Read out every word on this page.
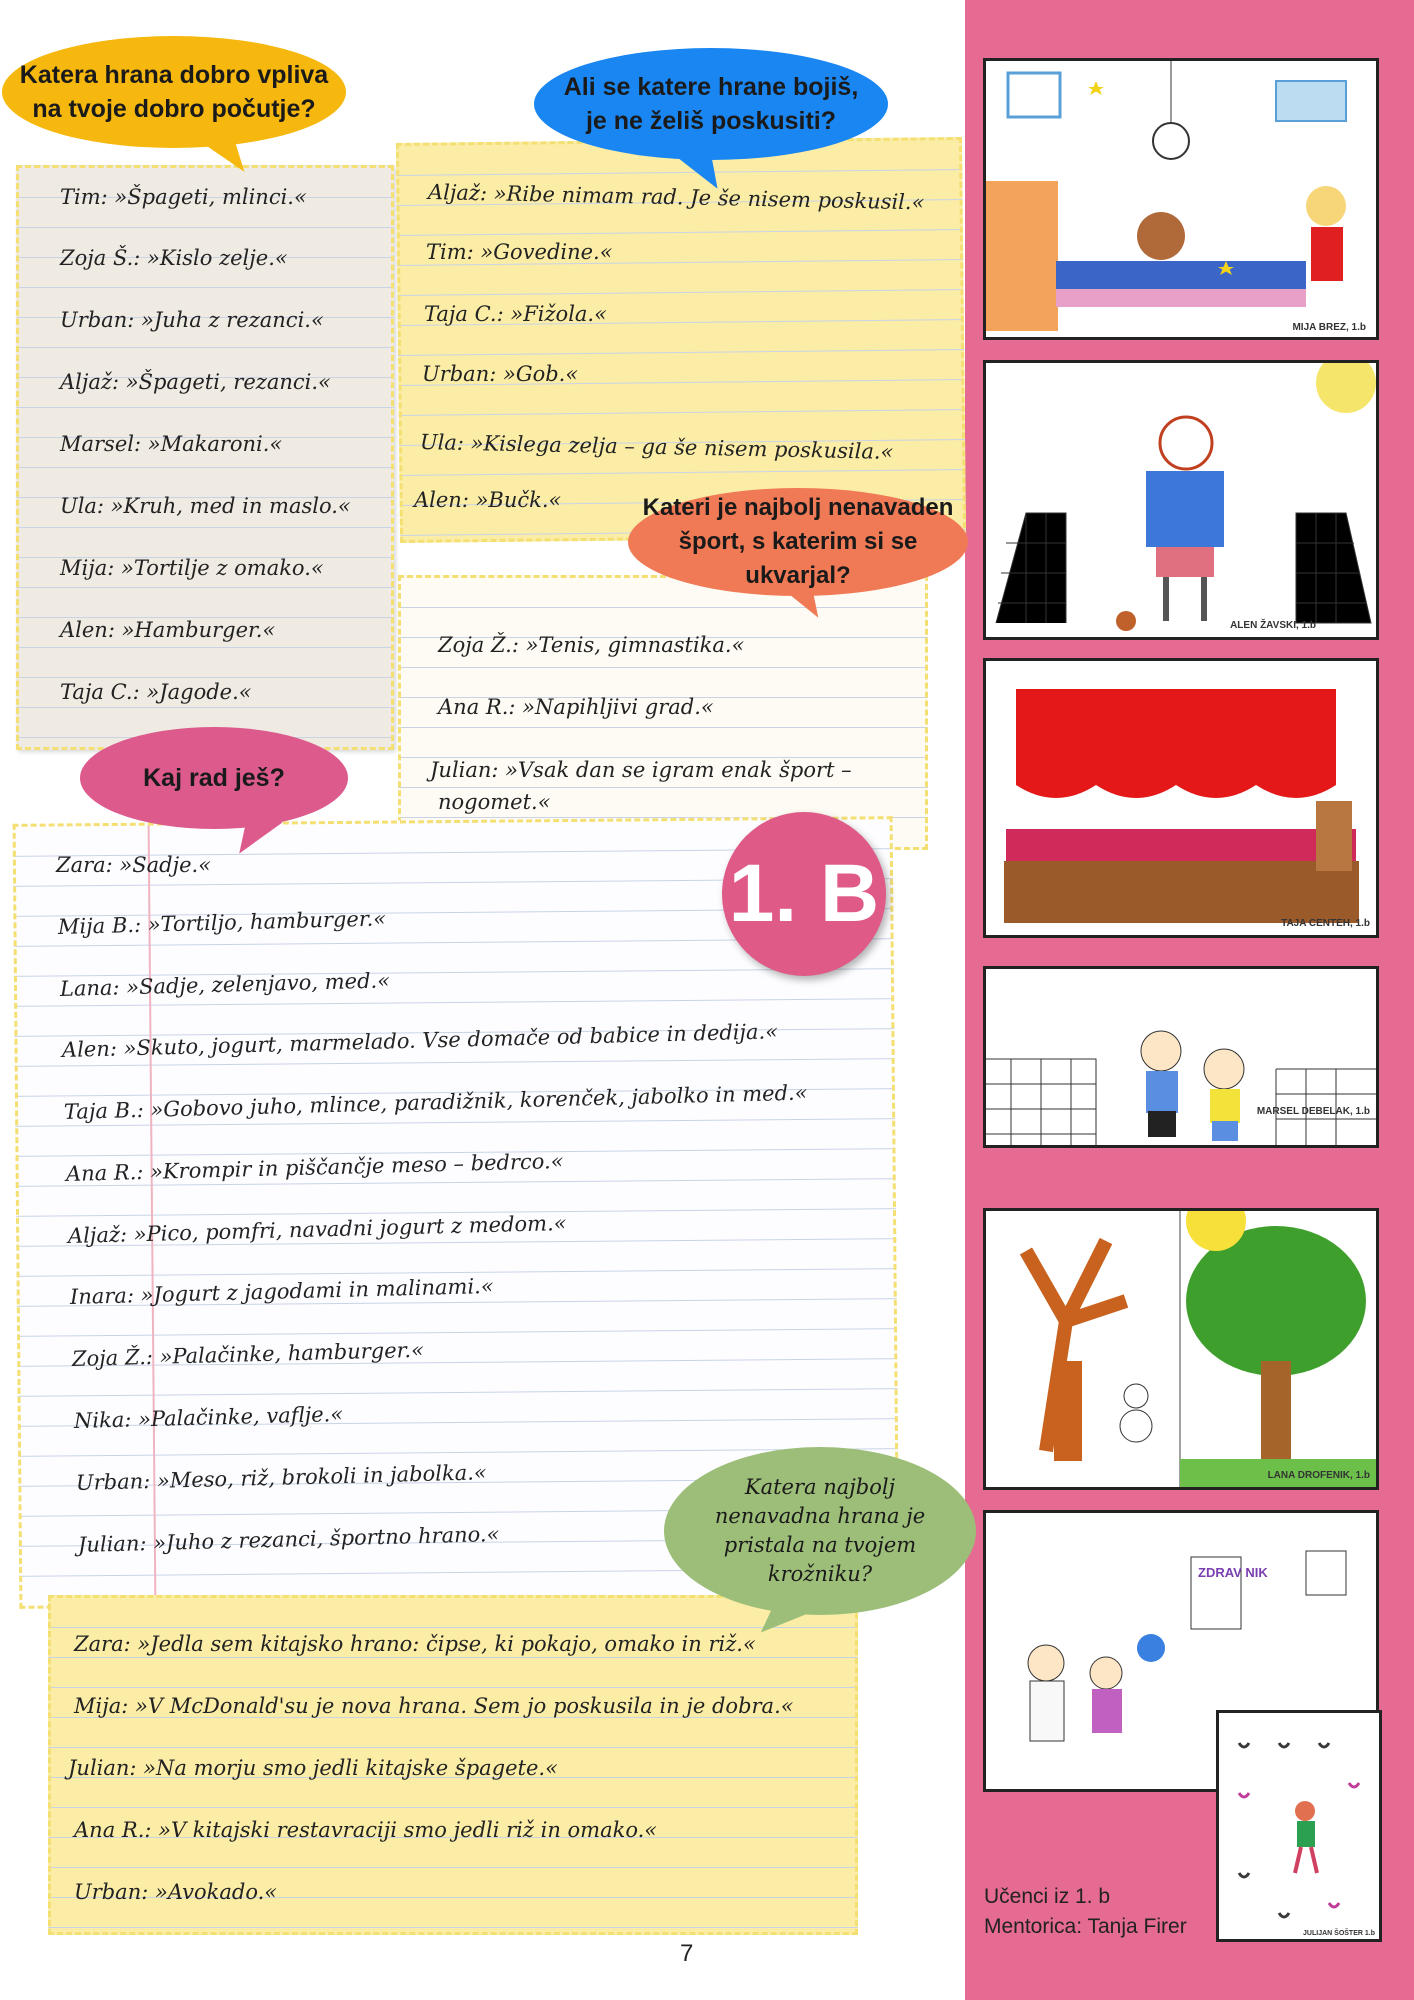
Tim: »Špageti, mlinci.«
Zoja Š.: »Kislo zelje.«
Urban: »Juha z rezanci.«
Aljaž: »Špageti, rezanci.«
Marsel: »Makaroni.«
Ula: »Kruh, med in maslo.«
Mija: »Tortilje z omako.«
Alen: »Hamburger.«
Taja C.: »Jagode.«
Aljaž: »Ribe nimam rad. Je še nisem poskusil.«
Tim: »Govedine.«
Taja C.: »Fižola.«
Urban: »Gob.«
Ula: »Kislega zelja – ga še nisem poskusila.«
Alen: »Bučk.«
Zoja Ž.: »Tenis, gimnastika.«
Ana R.: »Napihljivi grad.«
Julian: »Vsak dan se igram enak šport –
nogomet.«
Zara: »Sadje.«
Mija B.: »Tortiljo, hamburger.«
Lana: »Sadje, zelenjavo, med.«
Alen: »Skuto, jogurt, marmelado. Vse domače od babice in dedija.«
Taja B.: »Gobovo juho, mlince, paradižnik, korenček, jabolko in med.«
Ana R.: »Krompir in piščančje meso – bedrco.«
Aljaž: »Pico, pomfri, navadni jogurt z medom.«
Inara: »Jogurt z jagodami in malinami.«
Zoja Ž.: »Palačinke, hamburger.«
Nika: »Palačinke, vaflje.«
Urban: »Meso, riž, brokoli in jabolka.«
Julian: »Juho z rezanci, športno hrano.«
Zara: »Jedla sem kitajsko hrano: čipse, ki pokajo, omako in riž.«
Mija: »V McDonald'su je nova hrana. Sem jo poskusila in je dobra.«
Julian: »Na morju smo jedli kitajske špagete.«
Ana R.: »V kitajski restavraciji smo jedli riž in omako.«
Urban: »Avokado.«
Katera hrana dobro vpliva
na tvoje dobro počutje?
Ali se katere hrane bojiš,
je ne želiš poskusiti?
Kateri je najbolj nenavaden
šport, s katerim si se ukvarjal?
Kaj rad ješ?
Katera najbolj
nenavadna hrana je
pristala na tvojem
krožniku?
1. B
MIJA BREZ, 1.b
ALEN ŽAVSKI, 1.b
TAJA CENTEH, 1.b
MARSEL DEBELAK, 1.b
LANA DROFENIK, 1.b
ZDRAV NIK
JULIJAN ŠOŠTER 1.b
Učenci iz 1. b
Mentorica: Tanja Firer
7
